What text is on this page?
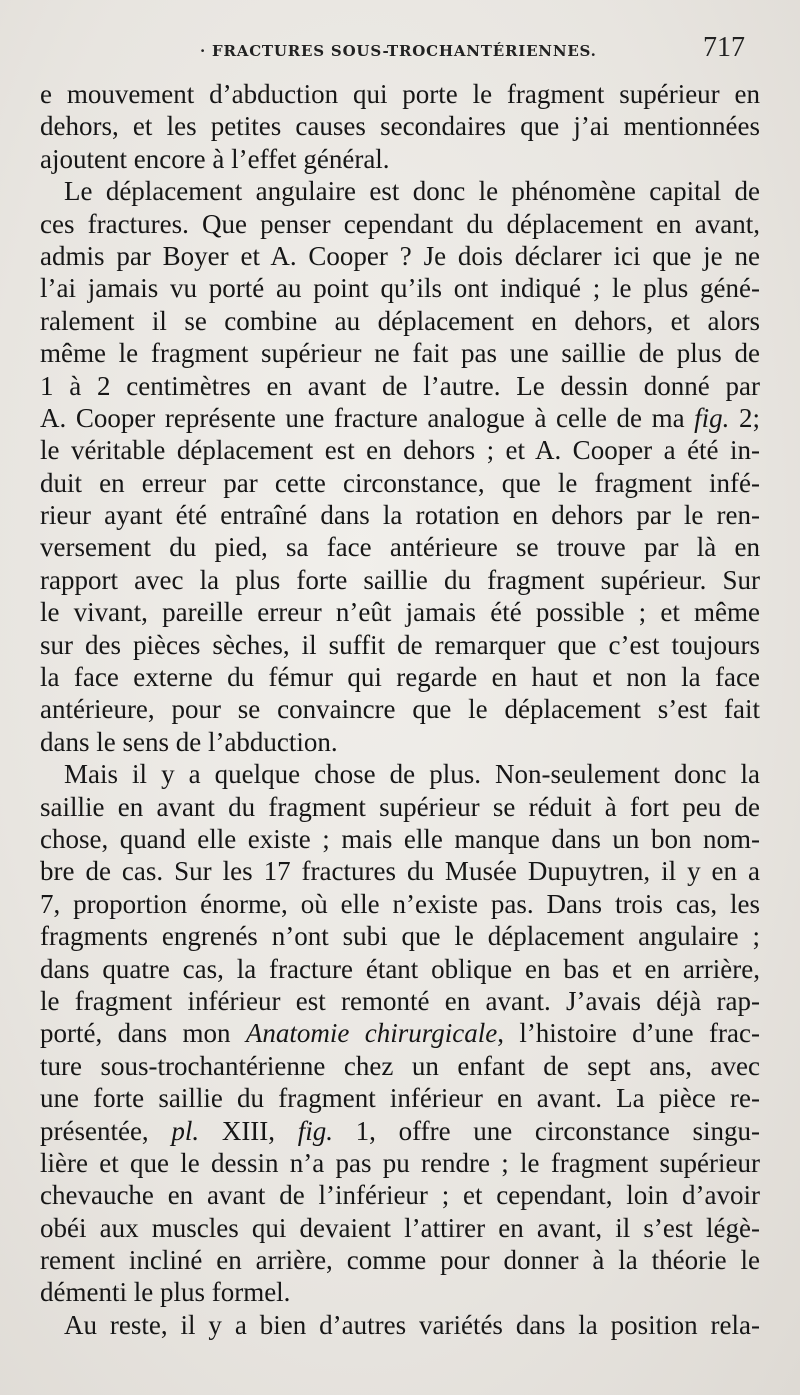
· FRACTURES SOUS-TROCHANTÉRIENNES.	717
e mouvement d’abduction qui porte le fragment supérieur en
dehors, et les petites causes secondaires que j’ai mentionnées
ajoutent encore à l’effet général.
Le déplacement angulaire est donc le phénomène capital de
ces fractures. Que penser cependant du déplacement en avant,
admis par Boyer et A. Cooper ? Je dois déclarer ici que je ne
l’ai jamais vu porté au point qu’ils ont indiqué ; le plus géné-
ralement il se combine au déplacement en dehors, et alors
même le fragment supérieur ne fait pas une saillie de plus de
1 à 2 centimètres en avant de l’autre. Le dessin donné par
A. Cooper représente une fracture analogue à celle de ma fig. 2;
le véritable déplacement est en dehors ; et A. Cooper a été in-
duit en erreur par cette circonstance, que le fragment infé-
rieur ayant été entraîné dans la rotation en dehors par le ren-
versement du pied, sa face antérieure se trouve par là en
rapport avec la plus forte saillie du fragment supérieur. Sur
le vivant, pareille erreur n’eût jamais été possible ; et même
sur des pièces sèches, il suffit de remarquer que c’est toujours
la face externe du fémur qui regarde en haut et non la face
antérieure, pour se convaincre que le déplacement s’est fait
dans le sens de l’abduction.
Mais il y a quelque chose de plus. Non-seulement donc la
saillie en avant du fragment supérieur se réduit à fort peu de
chose, quand elle existe ; mais elle manque dans un bon nom-
bre de cas. Sur les 17 fractures du Musée Dupuytren, il y en a
7, proportion énorme, où elle n’existe pas. Dans trois cas, les
fragments engrenés n’ont subi que le déplacement angulaire ;
dans quatre cas, la fracture étant oblique en bas et en arrière,
le fragment inférieur est remonté en avant. J’avais déjà rap-
porté, dans mon Anatomie chirurgicale, l’histoire d’une frac-
ture sous-trochantérienne chez un enfant de sept ans, avec
une forte saillie du fragment inférieur en avant. La pièce re-
présentée, pl. XIII, fig. 1, offre une circonstance singu-
lière et que le dessin n’a pas pu rendre ; le fragment supérieur
chevauche en avant de l’inférieur ; et cependant, loin d’avoir
obéi aux muscles qui devaient l’attirer en avant, il s’est légè-
rement incliné en arrière, comme pour donner à la théorie le
démenti le plus formel.
Au reste, il y a bien d’autres variétés dans la position rela-
